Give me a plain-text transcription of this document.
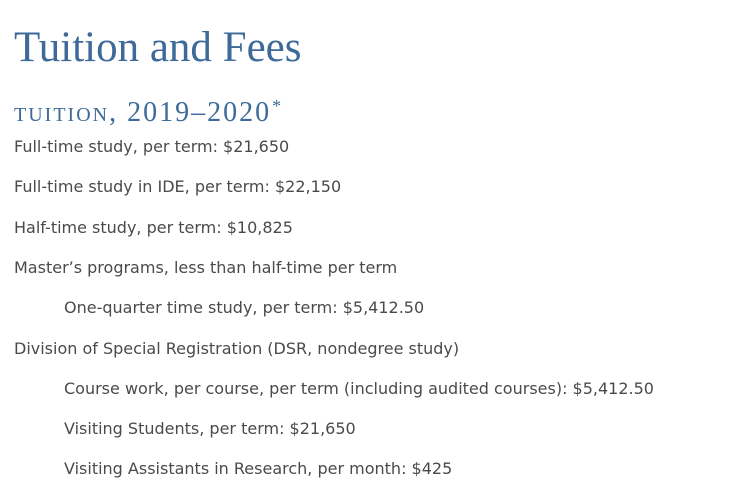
Tuition and Fees
tuition, 2019–2020*

Full-time study, per term: $21,650

Full-time study in IDE, per term: $22,150

Half-time study, per term: $10,825

Master’s programs, less than half-time per term

One-quarter time study, per term: $5,412.50

Division of Special Registration (DSR, nondegree study)

Course work, per course, per term (including audited courses): $5,412.50

Visiting Students, per term: $21,650

Visiting Assistants in Research, per month: $425
